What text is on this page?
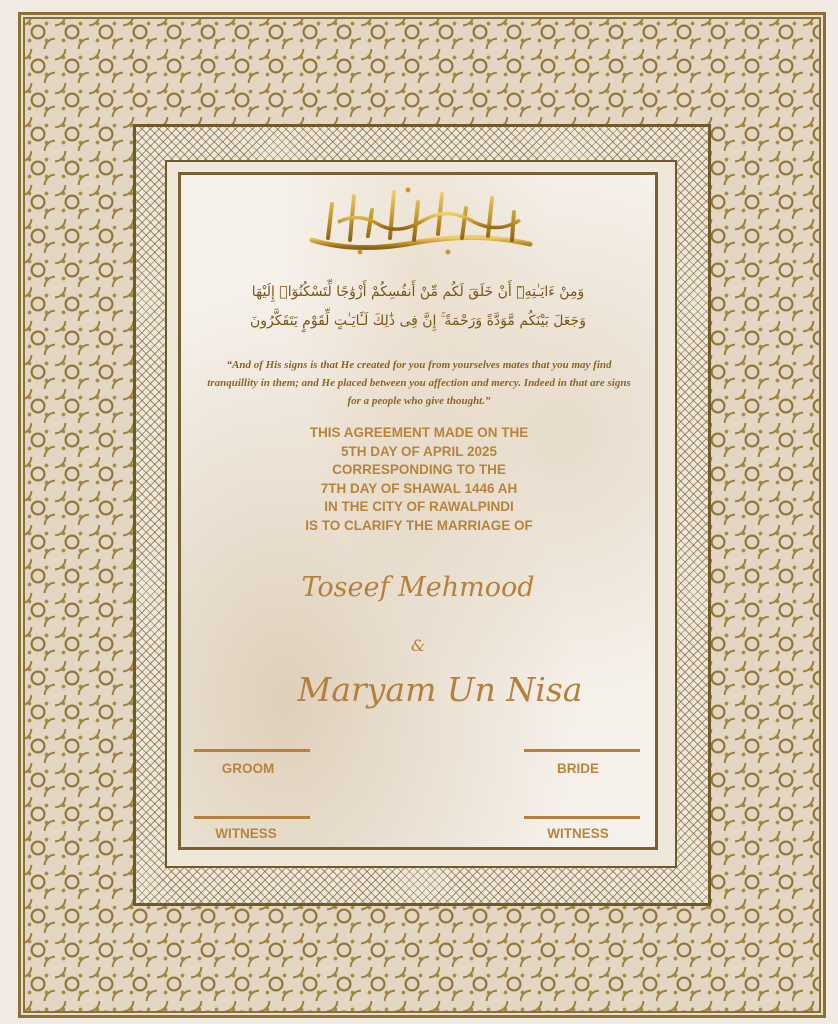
وَمِنْ ءَايَـٰتِهِۦٓ أَنْ خَلَقَ لَكُم مِّنْ أَنفُسِكُمْ أَزْوَٰجًا لِّتَسْكُنُوٓا۟ إِلَيْهَا
وَجَعَلَ بَيْنَكُم مَّوَدَّةً وَرَحْمَةً ۚ إِنَّ فِى ذَٰلِكَ لَـَٔايَـٰتٍ لِّقَوْمٍ يَتَفَكَّرُونَ
“And of His signs is that He created for you from yourselves mates that you may find tranquillity in them; and He placed between you affection and mercy. Indeed in that are signs for a people who give thought.”
THIS AGREEMENT MADE ON THE
5TH DAY OF APRIL 2025
CORRESPONDING TO THE
7TH DAY OF SHAWAL 1446 AH
IN THE CITY OF RAWALPINDI
IS TO CLARIFY THE MARRIAGE OF
Toseef Mehmood
&
Maryam Un Nisa
GROOM	BRIDE
WITNESS	WITNESS
